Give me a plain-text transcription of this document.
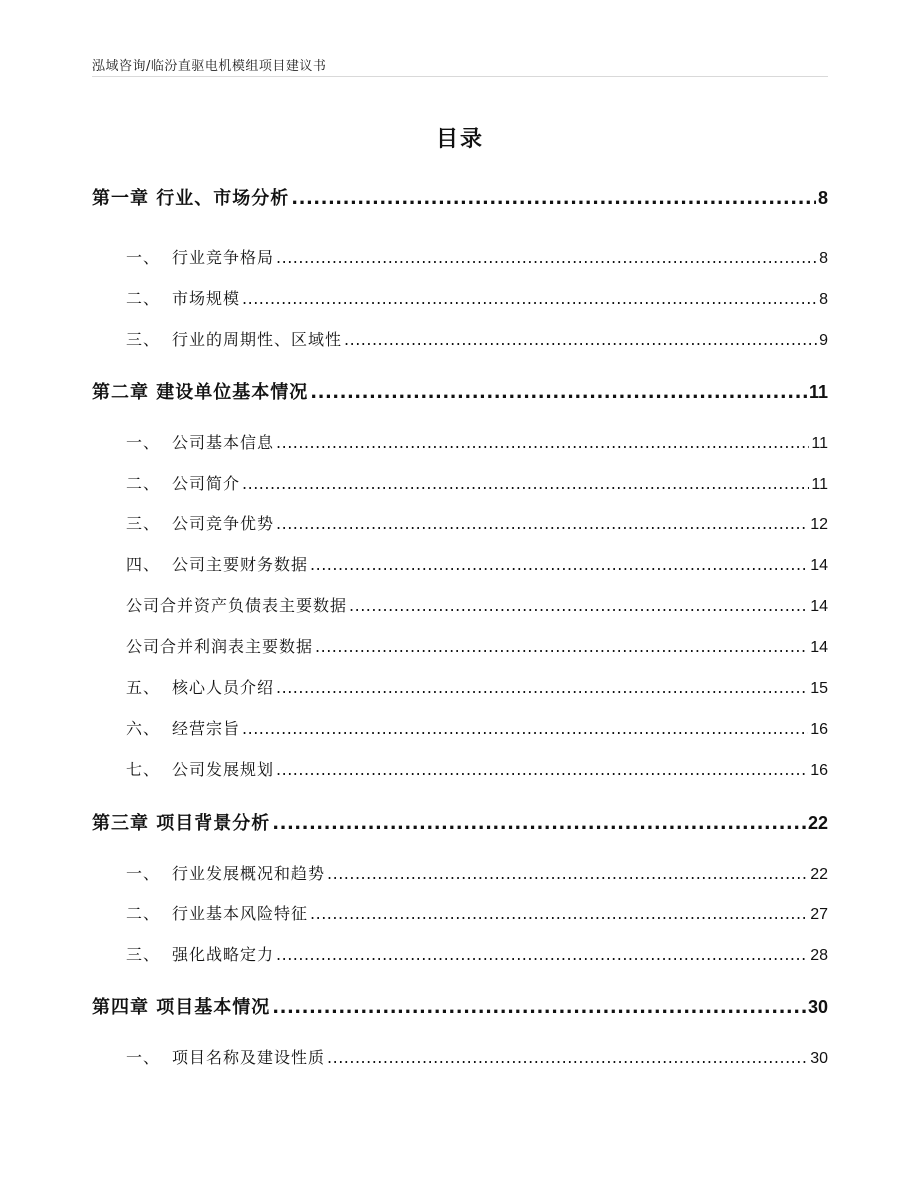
泓域咨询/临汾直驱电机模组项目建议书
目录
第一章 行业、市场分析 .....	8
一、 行业竞争格局 .....	8
二、 市场规模 .....	8
三、 行业的周期性、区域性 .....	9
第二章 建设单位基本情况 .....	11
一、 公司基本信息 .....	11
二、 公司简介 .....	11
三、 公司竞争优势 .....	12
四、 公司主要财务数据 .....	14
公司合并资产负债表主要数据 .....	14
公司合并利润表主要数据 .....	14
五、 核心人员介绍 .....	15
六、 经营宗旨 .....	16
七、 公司发展规划 .....	16
第三章 项目背景分析 .....	22
一、 行业发展概况和趋势 .....	22
二、 行业基本风险特征 .....	27
三、 强化战略定力 .....	28
第四章 项目基本情况 .....	30
一、 项目名称及建设性质 .....	30
